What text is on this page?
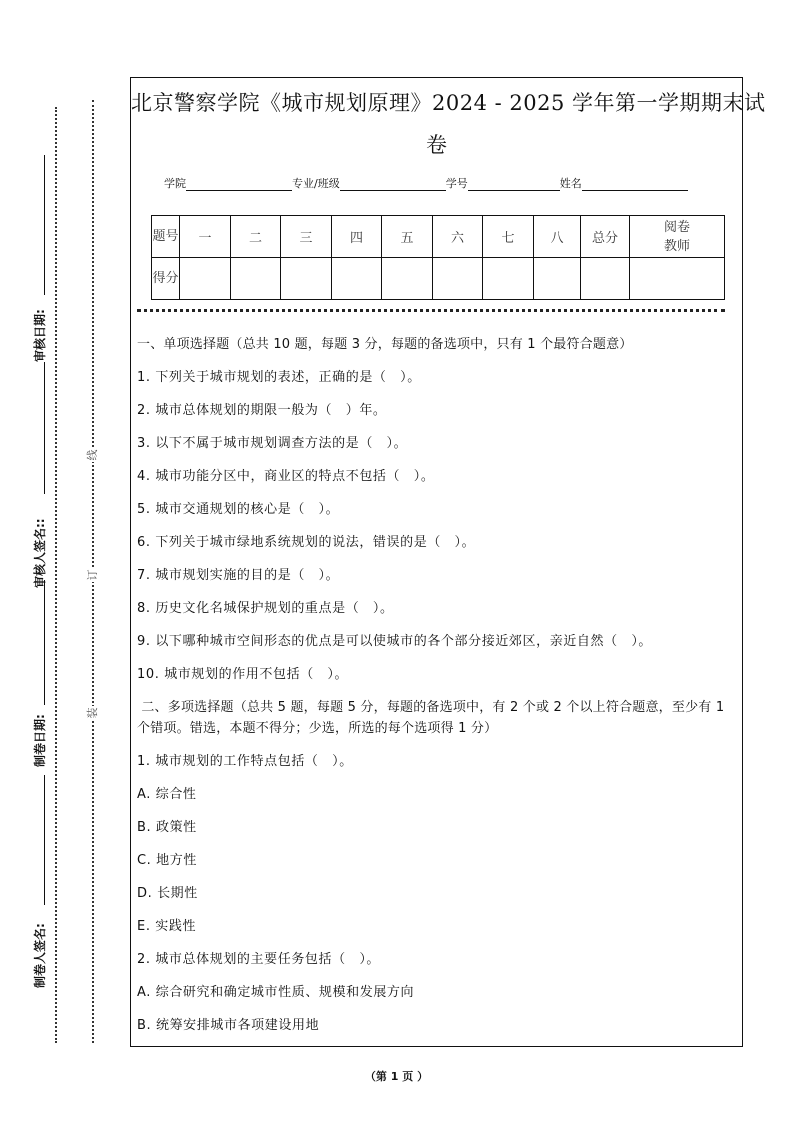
线
订
装
审核日期:
审核人签名::
制卷日期:
制卷人签名:
北京警察学院《城市规划原理》2024 - 2025 学年第一学期期末试
卷
学院	专业/班级	学号	姓名
题号	一	二	三	四	五	六	七	八	总分	阅卷教师
得分										
一、单项选择题（总共 10 题，每题 3 分，每题的备选项中，只有 1 个最符合题意）
1. 下列关于城市规划的表述，正确的是（　）。
2. 城市总体规划的期限一般为（　）年。
3. 以下不属于城市规划调查方法的是（　）。
4. 城市功能分区中，商业区的特点不包括（　）。
5. 城市交通规划的核心是（　）。
6. 下列关于城市绿地系统规划的说法，错误的是（　）。
7. 城市规划实施的目的是（　）。
8. 历史文化名城保护规划的重点是（　）。
9. 以下哪种城市空间形态的优点是可以使城市的各个部分接近郊区，亲近自然（　）。
10. 城市规划的作用不包括（　）。
二、多项选择题（总共 5 题，每题 5 分，每题的备选项中，有 2 个或 2 个以上符合题意，至少有 1 个错项。错选，本题不得分；少选，所选的每个选项得 1 分）
1. 城市规划的工作特点包括（　）。
A. 综合性
B. 政策性
C. 地方性
D. 长期性
E. 实践性
2. 城市总体规划的主要任务包括（　）。
A. 综合研究和确定城市性质、规模和发展方向
B. 统筹安排城市各项建设用地
（第 1 页 ）
